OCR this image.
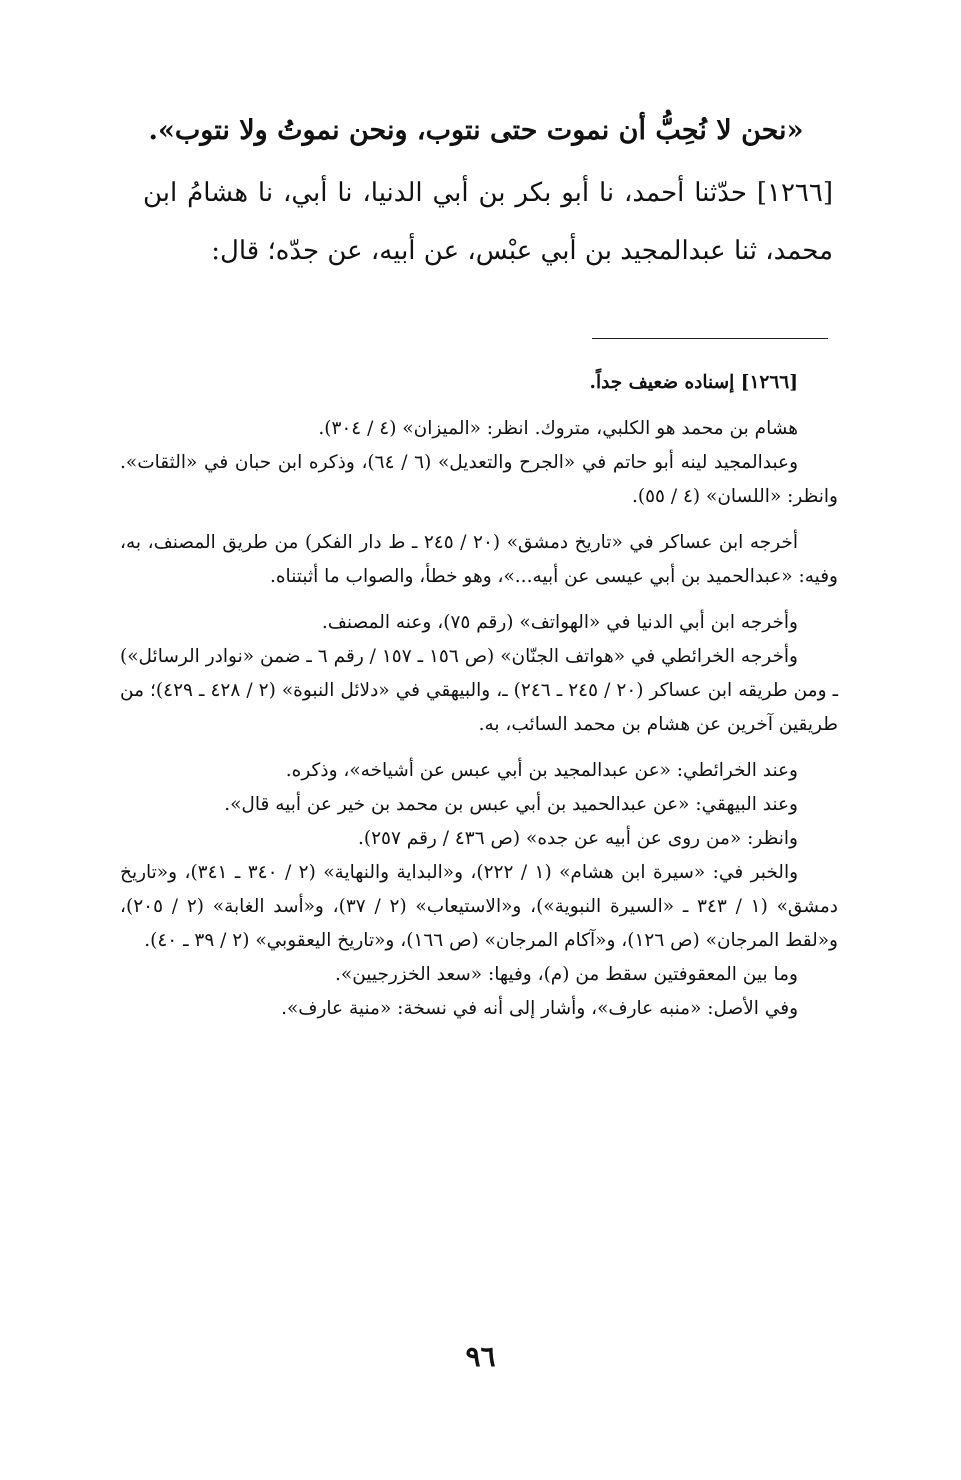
«نحن لا نُحِبُّ أن نموت حتى نتوب، ونحن نموتُ ولا نتوب».

[١٢٦٦] حدّثنا أحمد، نا أبو بكر بن أبي الدنيا، نا أبي، نا هشامُ ابن محمد، ثنا عبدالمجيد بن أبي عبْس، عن أبيه، عن جدّه؛ قال:

[١٢٦٦] إسناده ضعيف جداً.

هشام بن محمد هو الكلبي، متروك. انظر: «الميزان» (٤ / ٣٠٤).

وعبدالمجيد لينه أبو حاتم في «الجرح والتعديل» (٦ / ٦٤)، وذكره ابن حبان في «الثقات». وانظر: «اللسان» (٤ / ٥٥).

أخرجه ابن عساكر في «تاريخ دمشق» (٢٠ / ٢٤٥ ـ ط دار الفكر) من طريق المصنف، به، وفيه: «عبدالحميد بن أبي عيسى عن أبيه...»، وهو خطأ، والصواب ما أثبتناه.

وأخرجه ابن أبي الدنيا في «الهواتف» (رقم ٧٥)، وعنه المصنف.

وأخرجه الخرائطي في «هواتف الجنّان» (ص ١٥٦ ـ ١٥٧ / رقم ٦ ـ ضمن «نوادر الرسائل») ـ ومن طريقه ابن عساكر (٢٠ / ٢٤٥ ـ ٢٤٦) ـ، والبيهقي في «دلائل النبوة» (٢ / ٤٢٨ ـ ٤٢٩)؛ من طريقين آخرين عن هشام بن محمد السائب، به.

وعند الخرائطي: «عن عبدالمجيد بن أبي عبس عن أشياخه»، وذكره.

وعند البيهقي: «عن عبدالحميد بن أبي عبس بن محمد بن خير عن أبيه قال».

وانظر: «من روى عن أبيه عن جده» (ص ٤٣٦ / رقم ٢٥٧).

والخبر في: «سيرة ابن هشام» (١ / ٢٢٢)، و«البداية والنهاية» (٢ / ٣٤٠ ـ ٣٤١)، و«تاريخ دمشق» (١ / ٣٤٣ ـ «السيرة النبوية»)، و«الاستيعاب» (٢ / ٣٧)، و«أسد الغابة» (٢ / ٢٠٥)، و«لقط المرجان» (ص ١٢٦)، و«آكام المرجان» (ص ١٦٦)، و«تاريخ اليعقوبي» (٢ / ٣٩ ـ ٤٠).

وما بين المعقوفتين سقط من (م)، وفيها: «سعد الخزرجيين».

وفي الأصل: «منبه عارف»، وأشار إلى أنه في نسخة: «منية عارف».

٩٦
